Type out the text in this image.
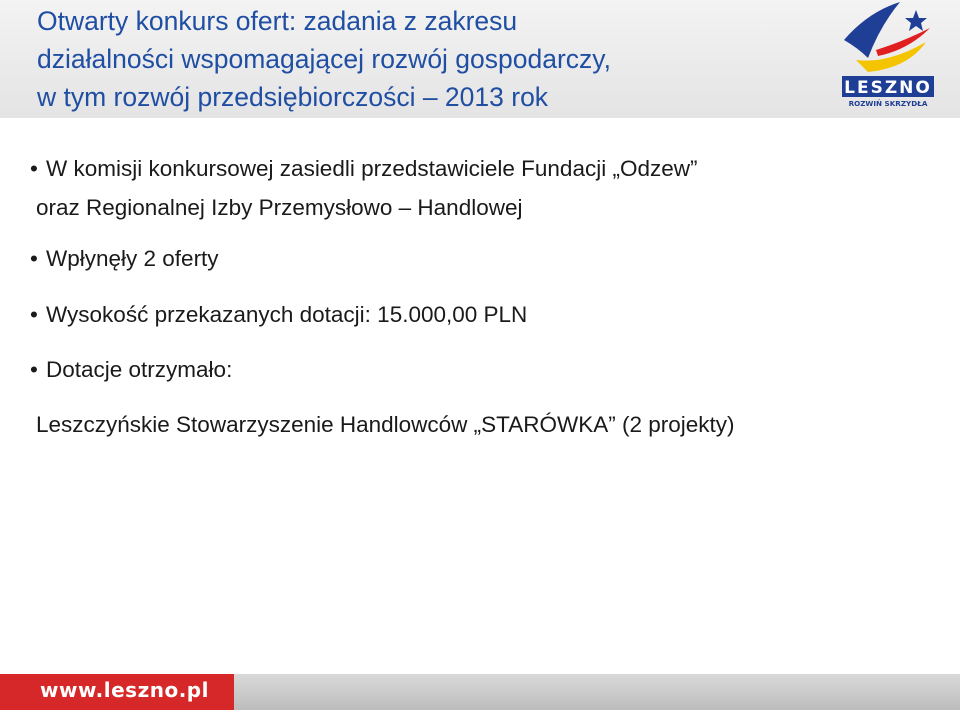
Otwarty konkurs ofert: zadania z zakresu
działalności wspomagającej rozwój gospodarczy,
w tym rozwój przedsiębiorczości – 2013 rok	LESZNO
ROZWIŃ SKRZYDŁA
• W komisji konkursowej zasiedli przedstawiciele Fundacji „Odzew”
oraz Regionalnej Izby Przemysłowo – Handlowej
• Wpłynęły 2 oferty
• Wysokość przekazanych dotacji: 15.000,00 PLN
• Dotacje otrzymało:
Leszczyńskie Stowarzyszenie Handlowców „STARÓWKA” (2 projekty)
www.leszno.pl
